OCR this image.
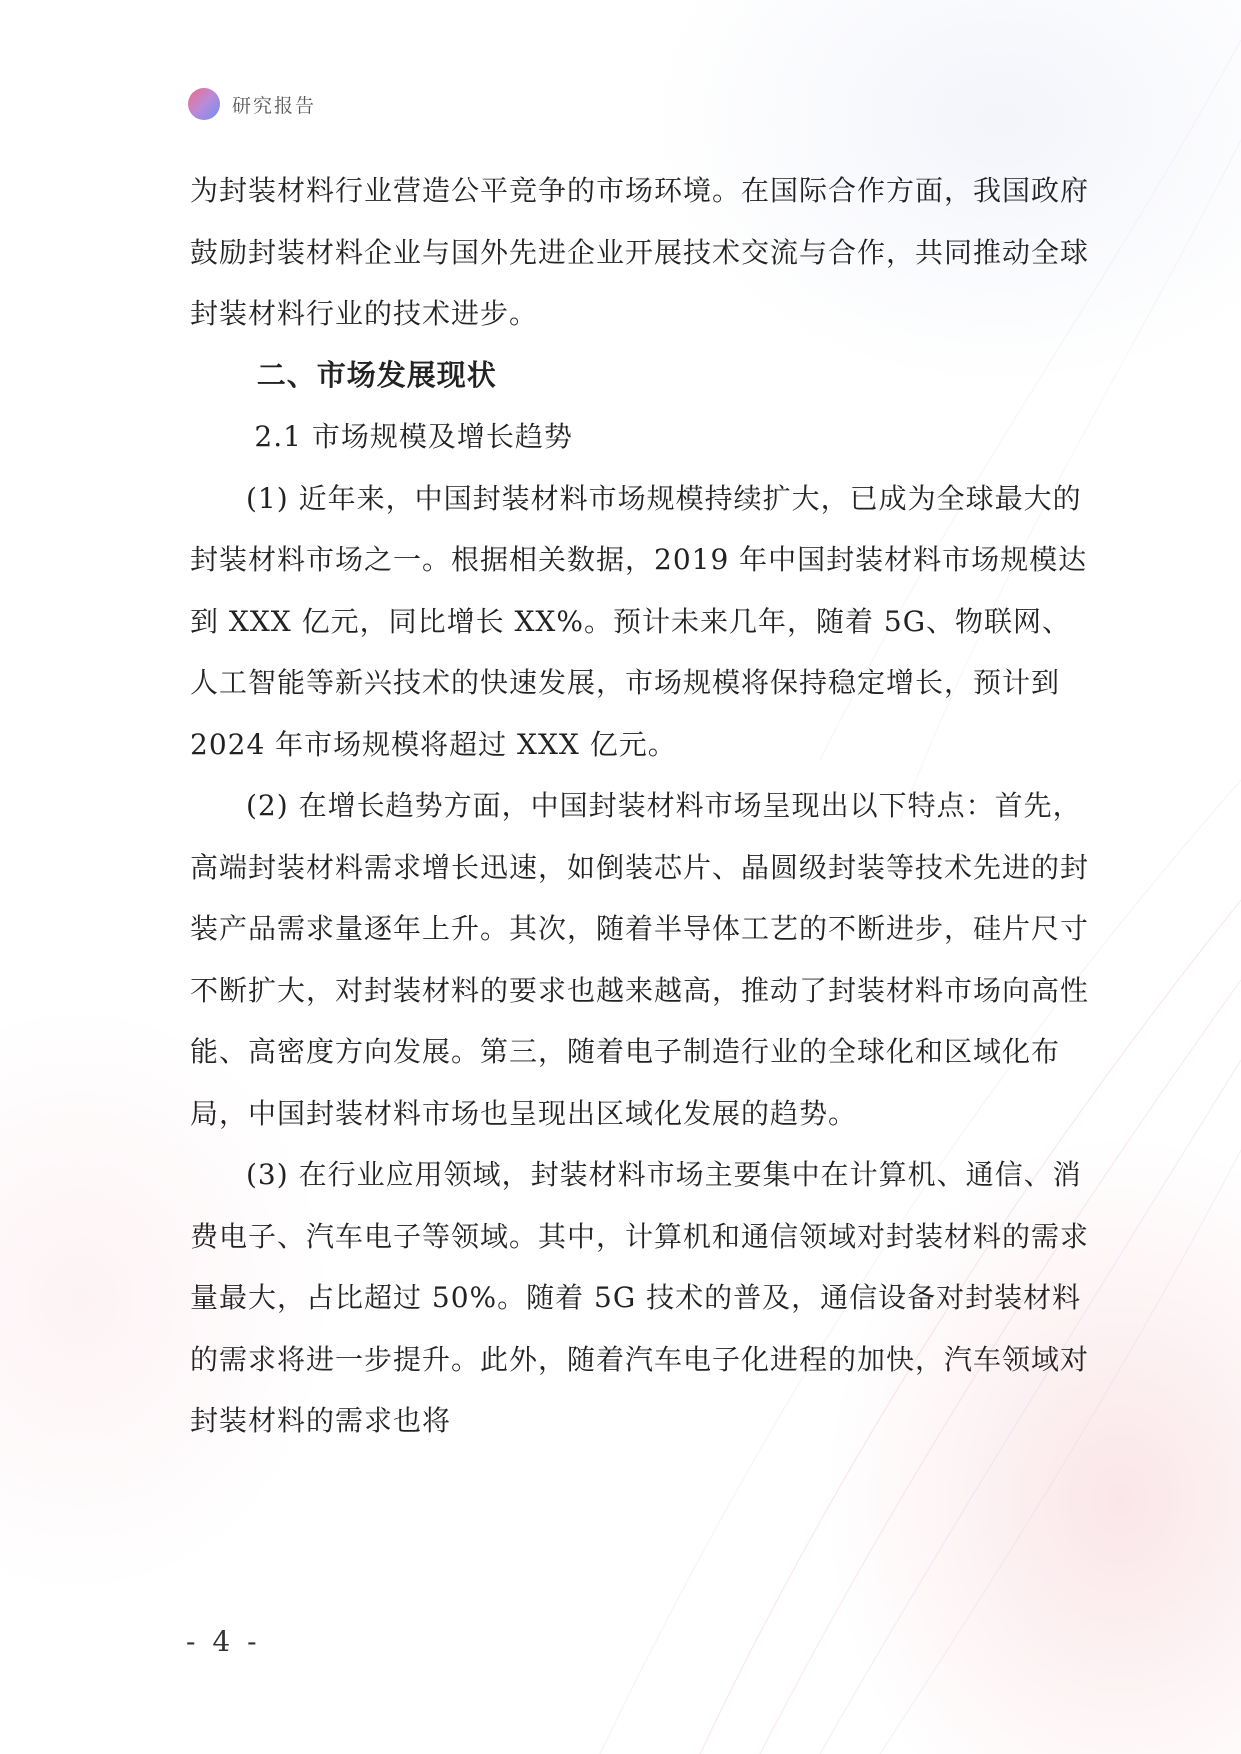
研究报告

为封装材料行业营造公平竞争的市场环境。在国际合作方面，我国政府鼓励封装材料企业与国外先进企业开展技术交流与合作，共同推动全球封装材料行业的技术进步。

二、市场发展现状

2.1 市场规模及增长趋势

(1) 近年来，中国封装材料市场规模持续扩大，已成为全球最大的封装材料市场之一。根据相关数据，2019 年中国封装材料市场规模达到 XXX 亿元，同比增长 XX%。预计未来几年，随着 5G、物联网、人工智能等新兴技术的快速发展，市场规模将保持稳定增长，预计到 2024 年市场规模将超过 XXX 亿元。

(2) 在增长趋势方面，中国封装材料市场呈现出以下特点：首先，高端封装材料需求增长迅速，如倒装芯片、晶圆级封装等技术先进的封装产品需求量逐年上升。其次，随着半导体工艺的不断进步，硅片尺寸不断扩大，对封装材料的要求也越来越高，推动了封装材料市场向高性能、高密度方向发展。第三，随着电子制造行业的全球化和区域化布局，中国封装材料市场也呈现出区域化发展的趋势。

(3) 在行业应用领域，封装材料市场主要集中在计算机、通信、消费电子、汽车电子等领域。其中，计算机和通信领域对封装材料的需求量最大，占比超过 50%。随着 5G 技术的普及，通信设备对封装材料的需求将进一步提升。此外，随着汽车电子化进程的加快，汽车领域对封装材料的需求也将

- 4 -
